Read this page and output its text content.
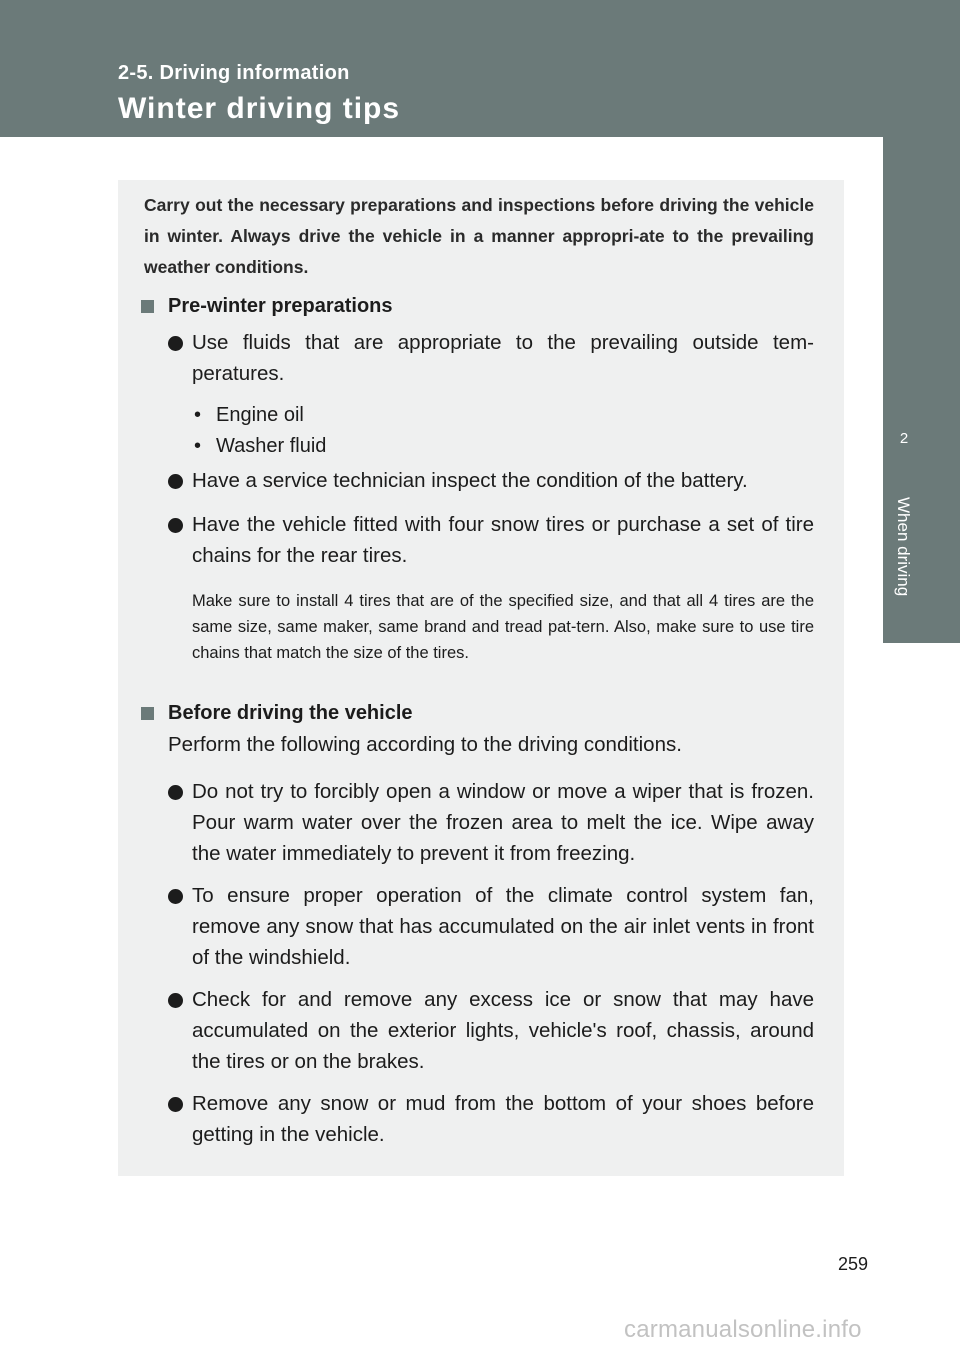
2-5. Driving information
Winter driving tips
2
When driving
Carry out the necessary preparations and inspections before driving the vehicle in winter. Always drive the vehicle in a manner appropri-ate to the prevailing weather conditions.
Pre-winter preparations
Use fluids that are appropriate to the prevailing outside tem-peratures.
• Engine oil
• Washer fluid
Have a service technician inspect the condition of the battery.
Have the vehicle fitted with four snow tires or purchase a set of tire chains for the rear tires.
Make sure to install 4 tires that are of the specified size, and that all 4 tires are the same size, same maker, same brand and tread pat-tern. Also, make sure to use tire chains that match the size of the tires.
Before driving the vehicle
Perform the following according to the driving conditions.
Do not try to forcibly open a window or move a wiper that is frozen. Pour warm water over the frozen area to melt the ice. Wipe away the water immediately to prevent it from freezing.
To ensure proper operation of the climate control system fan, remove any snow that has accumulated on the air inlet vents in front of the windshield.
Check for and remove any excess ice or snow that may have accumulated on the exterior lights, vehicle's roof, chassis, around the tires or on the brakes.
Remove any snow or mud from the bottom of your shoes before getting in the vehicle.
259
carmanualsonline.info
